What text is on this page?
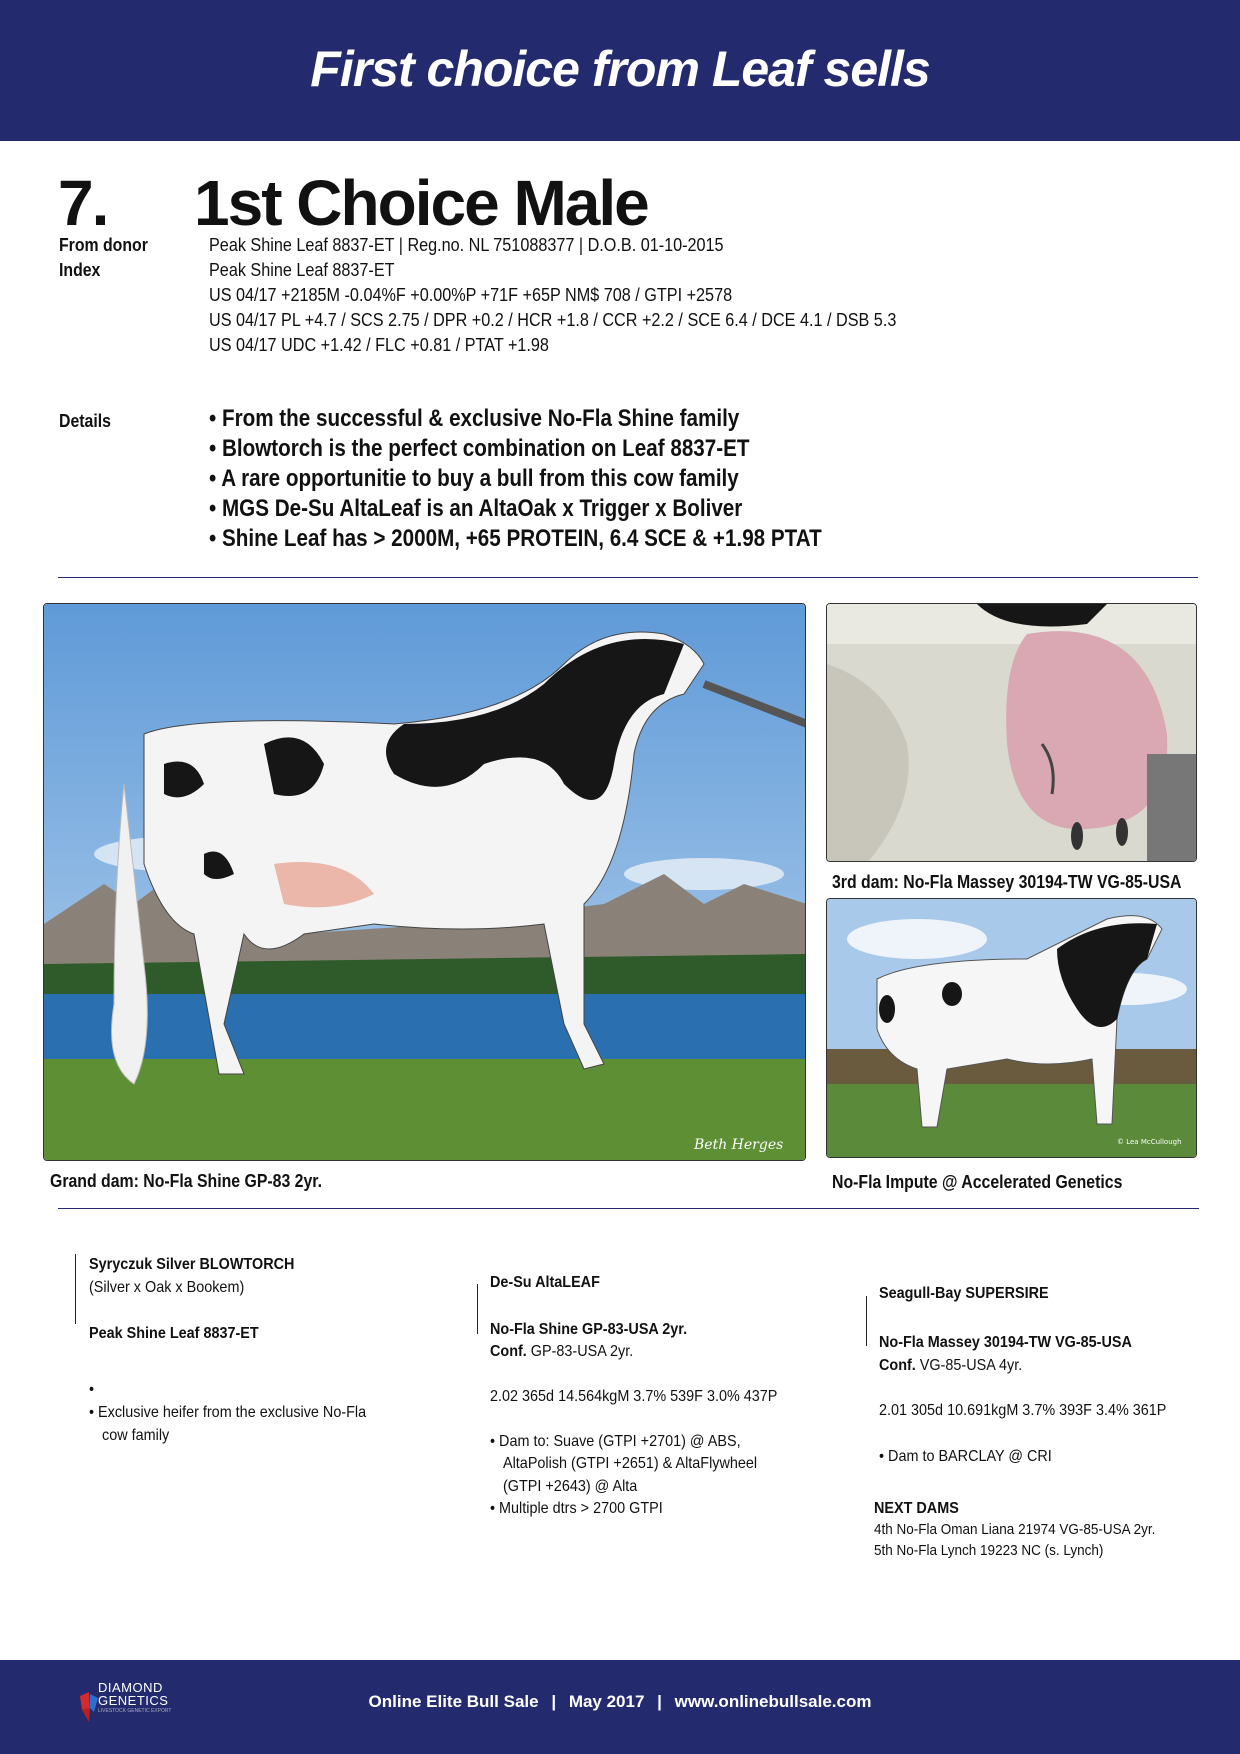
First choice from Leaf sells
7. 1st Choice Male
From donor	Peak Shine Leaf 8837-ET | Reg.no. NL 751088377 | D.O.B. 01-10-2015
Index	Peak Shine Leaf 8837-ET
US 04/17 +2185M -0.04%F +0.00%P +71F +65P NM$ 708 / GTPI +2578
US 04/17 PL +4.7 / SCS 2.75 / DPR +0.2 / HCR +1.8 / CCR +2.2 / SCE 6.4 / DCE 4.1 / DSB 5.3
US 04/17 UDC +1.42 / FLC +0.81 / PTAT +1.98
Details
•	From the successful & exclusive No-Fla Shine family
• Blowtorch is the perfect combination on Leaf 8837-ET
• A rare opportunitie to buy a bull from this cow family
• MGS De-Su AltaLeaf is an AltaOak x Trigger x Boliver
• Shine Leaf has > 2000M, +65 PROTEIN, 6.4 SCE & +1.98 PTAT
Beth Herges
Grand dam: No-Fla Shine GP-83 2yr.
3rd dam: No-Fla Massey 30194-TW VG-85-USA
© Lea McCullough
No-Fla Impute @ Accelerated Genetics
Syryczuk Silver BLOWTORCH
(Silver x Oak x Bookem)
Peak Shine Leaf 8837-ET
•
• Exclusive heifer from the exclusive No-Fla
cow family
De-Su AltaLEAF
No-Fla Shine GP-83-USA 2yr.
Conf. GP-83-USA 2yr.
2.02 365d 14.564kgM 3.7% 539F 3.0% 437P
• Dam to: Suave (GTPI +2701) @ ABS,
AltaPolish (GTPI +2651) & AltaFlywheel
(GTPI +2643) @ Alta
• Multiple dtrs > 2700 GTPI
Seagull-Bay SUPERSIRE
No-Fla Massey 30194-TW VG-85-USA
Conf. VG-85-USA 4yr.
2.01 305d 10.691kgM 3.7% 393F 3.4% 361P
• Dam to BARCLAY @ CRI
NEXT DAMS
4th No-Fla Oman Liana 21974 VG-85-USA 2yr.
5th No-Fla Lynch 19223 NC (s. Lynch)
DIAMOND
GENETICS
LIVESTOCK GENETIC EXPORT	Online Elite Bull Sale | May 2017 | www.onlinebullsale.com
